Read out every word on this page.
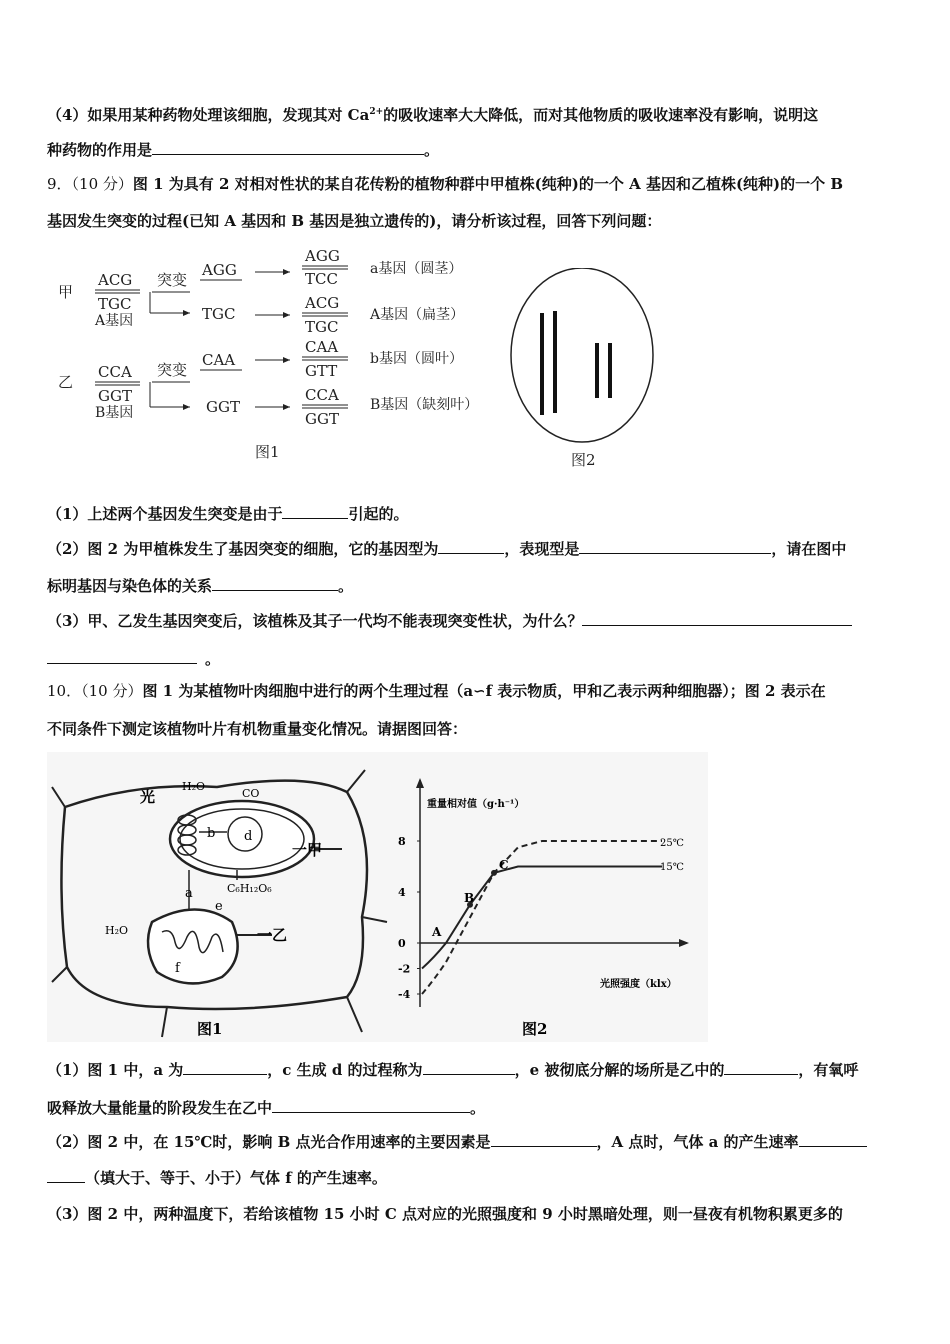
（4）如果用某种药物处理该细胞，发现其对 $Ca^{2+}$的吸收速率大大降低，而对其他物质的吸收速率没有影响，说明这
种药物的作用是	。
9．（10 分）图 1 为具有 2 对相对性状的某自花传粉的植物种群中甲植株(纯种)的一个 A 基因和乙植株(纯种)的一个 B
基因发生突变的过程(已知 A 基因和 B 基因是独立遗传的)，请分析该过程，回答下列问题：
甲
乙
ACG
TGC
A基因
突变
AGG
AGG
TCC
a基因（圆茎）
TGC
ACG
TGC
A基因（扁茎）
CCA
GGT
B基因
突变
CAA
CAA
GTT
b基因（圆叶）
GGT
CCA
GGT
B基因（缺刻叶）
图1	图2
（1）上述两个基因发生突变是由于	引起的。
（2）图 2 为甲植株发生了基因突变的细胞，它的基因型为	，表现型是	，请在图中
标明基因与染色体的关系	。
（3）甲、乙发生基因突变后，该植株及其子一代均不能表现突变性状，为什么？
。
10．（10 分）图 1 为某植物叶肉细胞中进行的两个生理过程（a∽f 表示物质，甲和乙表示两种细胞器）；图 2 表示在
不同条件下测定该植物叶片有机物重量变化情况。请据图回答：
b d
光
H₂O
CO
一甲
a	C₆H₁₂O₆
e
H₂O
f
一乙
图1
重量相对值（g·h⁻¹）
光照强度（klx）
-4
-2
0
4
8	25℃
15℃
A
B
C
图2
（1）图 1 中，a 为	，c 生成 d 的过程称为	，e 被彻底分解的场所是乙中的	，有氧呼
吸释放大量能量的阶段发生在乙中	。
（2）图 2 中，在 15℃时，影响 B 点光合作用速率的主要因素是	，A 点时，气体 a 的产生速率
（填大于、等于、小于）气体 f 的产生速率。
（3）图 2 中，两种温度下，若给该植物 15 小时 C 点对应的光照强度和 9 小时黑暗处理，则一昼夜有机物积累更多的
